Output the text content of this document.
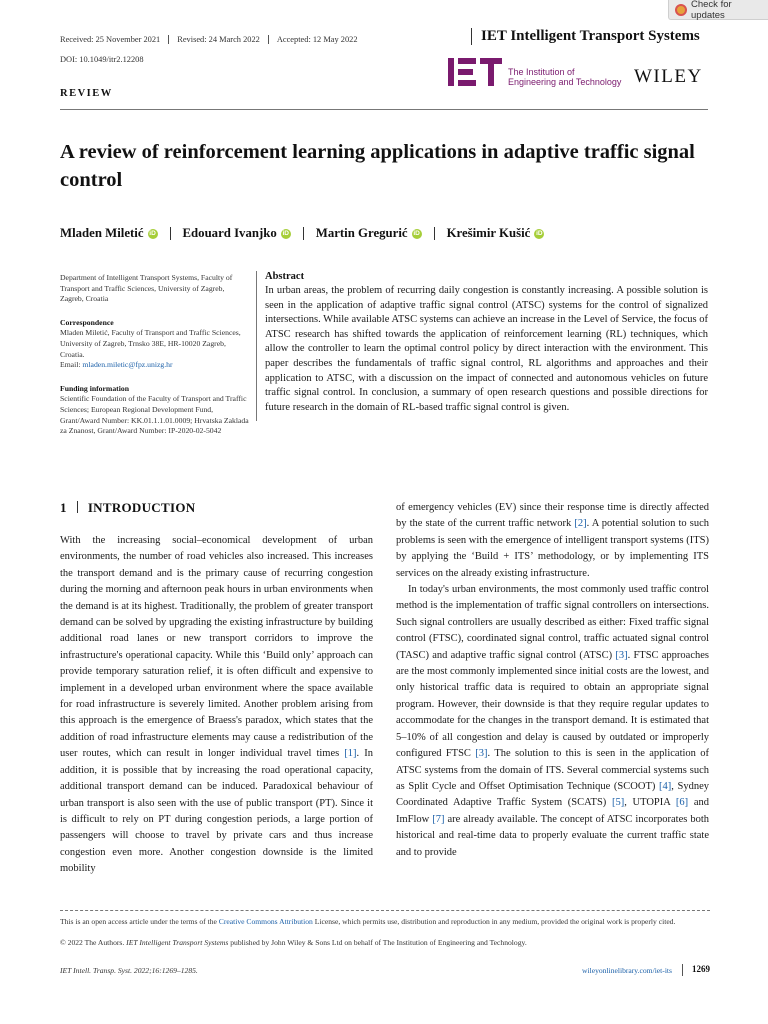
Check for updates
Received: 25 November 2021	Revised: 24 March 2022	Accepted: 12 May 2022
DOI: 10.1049/itr2.12208
IET Intelligent Transport Systems
The Institution of
Engineering and Technology WILEY
REVIEW
A review of reinforcement learning applications in adaptive traffic signal control
Mladen Miletić iD Edouard Ivanjko iD Martin Gregurić iD Krešimir Kušić iD
Department of Intelligent Transport Systems, Faculty of Transport and Traffic Sciences, University of Zagreb, Zagreb, Croatia
Correspondence
Mladen Miletić, Faculty of Transport and Traffic Sciences, University of Zagreb, Trnsko 38E, HR-10020 Zagreb, Croatia.
Email: mladen.miletic@fpz.unizg.hr
Funding information
Scientific Foundation of the Faculty of Transport and Traffic Sciences; European Regional Development Fund, Grant/Award Number: KK.01.1.1.01.0009; Hrvatska Zaklada za Znanost, Grant/Award Number: IP-2020-02-5042
Abstract

In urban areas, the problem of recurring daily congestion is constantly increasing. A possible solution is seen in the application of adaptive traffic signal control (ATSC) systems for the control of signalized intersections. While available ATSC systems can achieve an increase in the Level of Service, the focus of ATSC research has shifted towards the application of reinforcement learning (RL) techniques, which allow the controller to learn the optimal control policy by direct interaction with the environment. This paper describes the fundamentals of traffic signal control, RL algorithms and approaches and their application to ATSC, with a discussion on the impact of connected and autonomous vehicles on future traffic signal control. In conclusion, a summary of open research questions and possible directions for future research in the domain of RL-based traffic signal control is given.

1 INTRODUCTION

With the increasing social–economical development of urban environments, the number of road vehicles also increased. This increases the transport demand and is the primary cause of recurring congestion during the morning and afternoon peak hours in urban environments when the demand is at its highest. Traditionally, the problem of greater transport demand can be solved by upgrading the existing infrastructure by building additional road lanes or new transport corridors to improve the infrastructure's operational capacity. While this ‘Build only’ approach can provide temporary saturation relief, it is often difficult and expensive to implement in a developed urban environment where the space available for road infrastructure is severely limited. Another problem arising from this approach is the emergence of Braess's paradox, which states that the addition of road infrastructure elements may cause a redistribution of the user routes, which can result in longer individual travel times [1]. In addition, it is possible that by increasing the road operational capacity, additional transport demand can be induced. Paradoxical behaviour of urban transport is also seen with the use of public transport (PT). Since it is difficult to rely on PT during congestion periods, a large portion of passengers will choose to travel by private cars and thus increase congestion even more. Another congestion downside is the limited mobility

of emergency vehicles (EV) since their response time is directly affected by the state of the current traffic network [2]. A potential solution to such problems is seen with the emergence of intelligent transport systems (ITS) by applying the ‘Build + ITS’ methodology, or by implementing ITS services on the already existing infrastructure.

In today's urban environments, the most commonly used traffic control method is the implementation of traffic signal controllers on intersections. Such signal controllers are usually described as either: Fixed traffic signal control (FTSC), coordinated signal control, traffic actuated signal control (TASC) and adaptive traffic signal control (ATSC) [3]. FTSC approaches are the most commonly implemented since initial costs are the lowest, and only historical traffic data is required to obtain an appropriate signal program. However, their downside is that they require regular updates to accommodate for the changes in the transport demand. It is estimated that 5–10% of all congestion and delay is caused by outdated or improperly configured FTSC [3]. The solution to this is seen in the application of ATSC systems from the domain of ITS. Several commercial systems such as Split Cycle and Offset Optimisation Technique (SCOOT) [4], Sydney Coordinated Adaptive Traffic System (SCATS) [5], UTOPIA [6] and ImFlow [7] are already available. The concept of ATSC incorporates both historical and real-time data to properly evaluate the current traffic state and to provide

This is an open access article under the terms of the Creative Commons Attribution License, which permits use, distribution and reproduction in any medium, provided the original work is properly cited.
© 2022 The Authors. IET Intelligent Transport Systems published by John Wiley & Sons Ltd on behalf of The Institution of Engineering and Technology.
IET Intell. Transp. Syst. 2022;16:1269–1285.	wileyonlinelibrary.com/iet-its	1269
